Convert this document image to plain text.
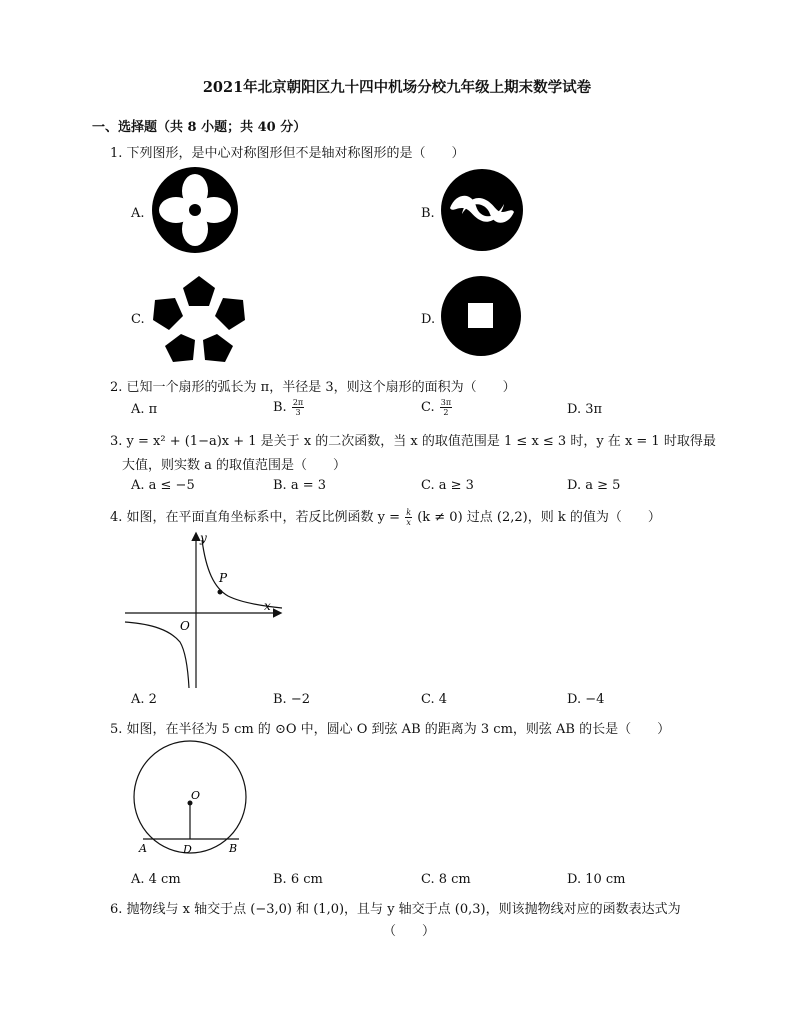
2021年北京朝阳区九十四中机场分校九年级上期末数学试卷
一、选择题（共 8 小题；共 40 分）
1. 下列图形，是中心对称图形但不是轴对称图形的是（　　）
A.	B.
C.	D.
2. 已知一个扇形的弧长为 π，半径是 3，则这个扇形的面积为（　　）
A. π	B. $\frac{2\pi}{3}$	C. $\frac{3\pi}{2}$	D. 3π
3. y = x² + (1−a)x + 1 是关于 x 的二次函数，当 x 的取值范围是 1 ≤ x ≤ 3 时，y 在 x = 1 时取得最
大值，则实数 a 的取值范围是（　　）
A. a ≤ −5	B. a = 3	C. a ≥ 3	D. a ≥ 5
4. 如图，在平面直角坐标系中，若反比例函数 $y = \frac{k}{x} (k \ne 0)$ 过点 (2,2)，则 k 的值为（　　）
y
x
P
O
A. 2	B. −2	C. 4	D. −4
5. 如图，在半径为 5 cm 的 ⊙O 中，圆心 O 到弦 AB 的距离为 3 cm，则弦 AB 的长是（　　）
O
A	D	B
A. 4 cm	B. 6 cm	C. 8 cm	D. 10 cm
6. 抛物线与 x 轴交于点 (−3,0) 和 (1,0)，且与 y 轴交于点 (0,3)，则该抛物线对应的函数表达式为
（　　）
